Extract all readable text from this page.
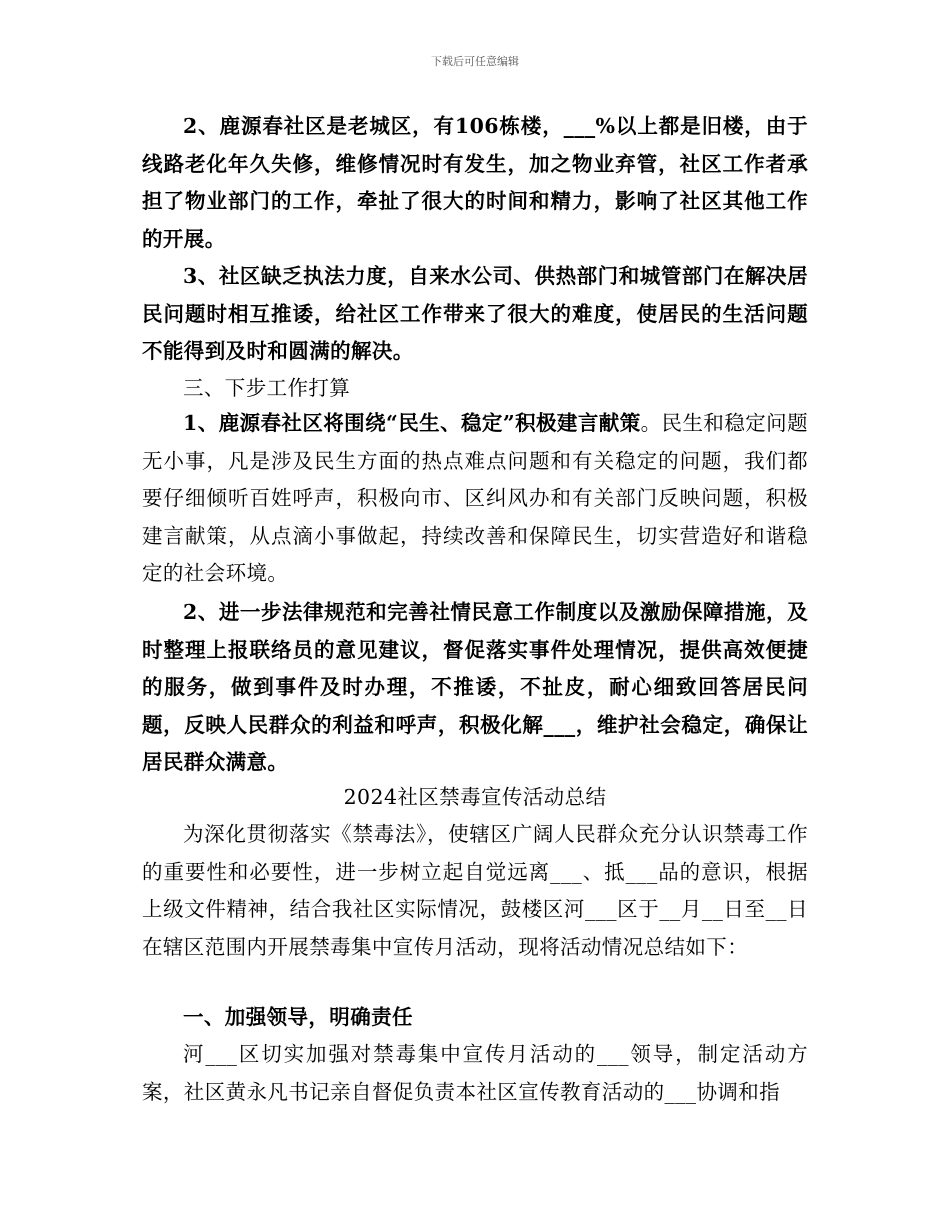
下载后可任意编辑

2、鹿源春社区是老城区，有106栋楼，___%以上都是旧楼，由于线路老化年久失修，维修情况时有发生，加之物业弃管，社区工作者承担了物业部门的工作，牵扯了很大的时间和精力，影响了社区其他工作的开展。

3、社区缺乏执法力度，自来水公司、供热部门和城管部门在解决居民问题时相互推诿，给社区工作带来了很大的难度，使居民的生活问题不能得到及时和圆满的解决。

三、下步工作打算

1、鹿源春社区将围绕“民生、稳定”积极建言献策。民生和稳定问题无小事，凡是涉及民生方面的热点难点问题和有关稳定的问题，我们都要仔细倾听百姓呼声，积极向市、区纠风办和有关部门反映问题，积极建言献策，从点滴小事做起，持续改善和保障民生，切实营造好和谐稳定的社会环境。

2、进一步法律规范和完善社情民意工作制度以及激励保障措施，及时整理上报联络员的意见建议，督促落实事件处理情况，提供高效便捷的服务，做到事件及时办理，不推诿，不扯皮，耐心细致回答居民问题，反映人民群众的利益和呼声，积极化解___，维护社会稳定，确保让居民群众满意。

2024社区禁毒宣传活动总结

为深化贯彻落实《禁毒法》，使辖区广阔人民群众充分认识禁毒工作的重要性和必要性，进一步树立起自觉远离___、抵___品的意识，根据上级文件精神，结合我社区实际情况，鼓楼区河___区于__月__日至__日在辖区范围内开展禁毒集中宣传月活动，现将活动情况总结如下：

一、加强领导，明确责任

河___区切实加强对禁毒集中宣传月活动的___领导，制定活动方案，社区黄永凡书记亲自督促负责本社区宣传教育活动的___协调和指
